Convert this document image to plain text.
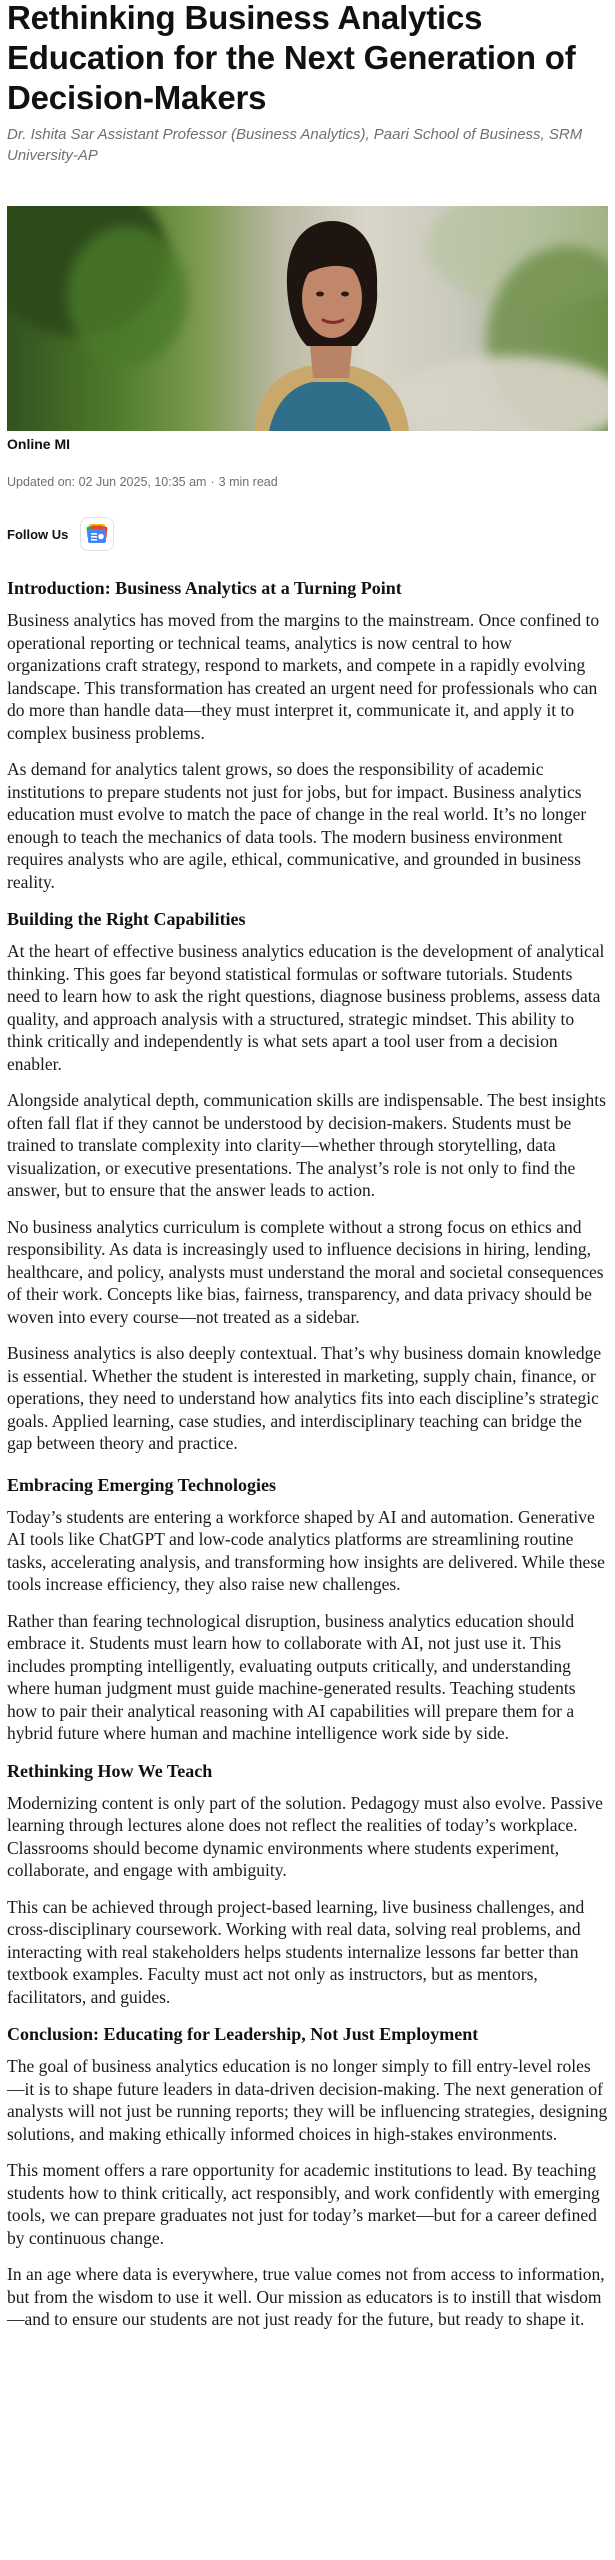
Rethinking Business Analytics Education for the Next Generation of Decision-Makers
Dr. Ishita Sar Assistant Professor (Business Analytics), Paari School of Business, SRM University-AP
Online MI
Updated on: 02 Jun 2025, 10:35 am · 3 min read
Follow Us
Introduction: Business Analytics at a Turning Point

Business analytics has moved from the margins to the mainstream. Once confined to operational reporting or technical teams, analytics is now central to how organizations craft strategy, respond to markets, and compete in a rapidly evolving landscape. This transformation has created an urgent need for professionals who can do more than handle data—they must interpret it, communicate it, and apply it to complex business problems.

As demand for analytics talent grows, so does the responsibility of academic institutions to prepare students not just for jobs, but for impact. Business analytics education must evolve to match the pace of change in the real world. It’s no longer enough to teach the mechanics of data tools. The modern business environment requires analysts who are agile, ethical, communicative, and grounded in business reality.

Building the Right Capabilities

At the heart of effective business analytics education is the development of analytical thinking. This goes far beyond statistical formulas or software tutorials. Students need to learn how to ask the right questions, diagnose business problems, assess data quality, and approach analysis with a structured, strategic mindset. This ability to think critically and independently is what sets apart a tool user from a decision enabler.

Alongside analytical depth, communication skills are indispensable. The best insights often fall flat if they cannot be understood by decision-makers. Students must be trained to translate complexity into clarity—whether through storytelling, data visualization, or executive presentations. The analyst’s role is not only to find the answer, but to ensure that the answer leads to action.

No business analytics curriculum is complete without a strong focus on ethics and responsibility. As data is increasingly used to influence decisions in hiring, lending, healthcare, and policy, analysts must understand the moral and societal consequences of their work. Concepts like bias, fairness, transparency, and data privacy should be woven into every course—not treated as a sidebar.

Business analytics is also deeply contextual. That’s why business domain knowledge is essential. Whether the student is interested in marketing, supply chain, finance, or operations, they need to understand how analytics fits into each discipline’s strategic goals. Applied learning, case studies, and interdisciplinary teaching can bridge the gap between theory and practice.

Embracing Emerging Technologies

Today’s students are entering a workforce shaped by AI and automation. Generative AI tools like ChatGPT and low-code analytics platforms are streamlining routine tasks, accelerating analysis, and transforming how insights are delivered. While these tools increase efficiency, they also raise new challenges.

Rather than fearing technological disruption, business analytics education should embrace it. Students must learn how to collaborate with AI, not just use it. This includes prompting intelligently, evaluating outputs critically, and understanding where human judgment must guide machine-generated results. Teaching students how to pair their analytical reasoning with AI capabilities will prepare them for a hybrid future where human and machine intelligence work side by side.

Rethinking How We Teach

Modernizing content is only part of the solution. Pedagogy must also evolve. Passive learning through lectures alone does not reflect the realities of today’s workplace. Classrooms should become dynamic environments where students experiment, collaborate, and engage with ambiguity.

This can be achieved through project-based learning, live business challenges, and cross-disciplinary coursework. Working with real data, solving real problems, and interacting with real stakeholders helps students internalize lessons far better than textbook examples. Faculty must act not only as instructors, but as mentors, facilitators, and guides.

Conclusion: Educating for Leadership, Not Just Employment

The goal of business analytics education is no longer simply to fill entry-level roles—it is to shape future leaders in data-driven decision-making. The next generation of analysts will not just be running reports; they will be influencing strategies, designing solutions, and making ethically informed choices in high-stakes environments.

This moment offers a rare opportunity for academic institutions to lead. By teaching students how to think critically, act responsibly, and work confidently with emerging tools, we can prepare graduates not just for today’s market—but for a career defined by continuous change.

In an age where data is everywhere, true value comes not from access to information, but from the wisdom to use it well. Our mission as educators is to instill that wisdom—and to ensure our students are not just ready for the future, but ready to shape it.
